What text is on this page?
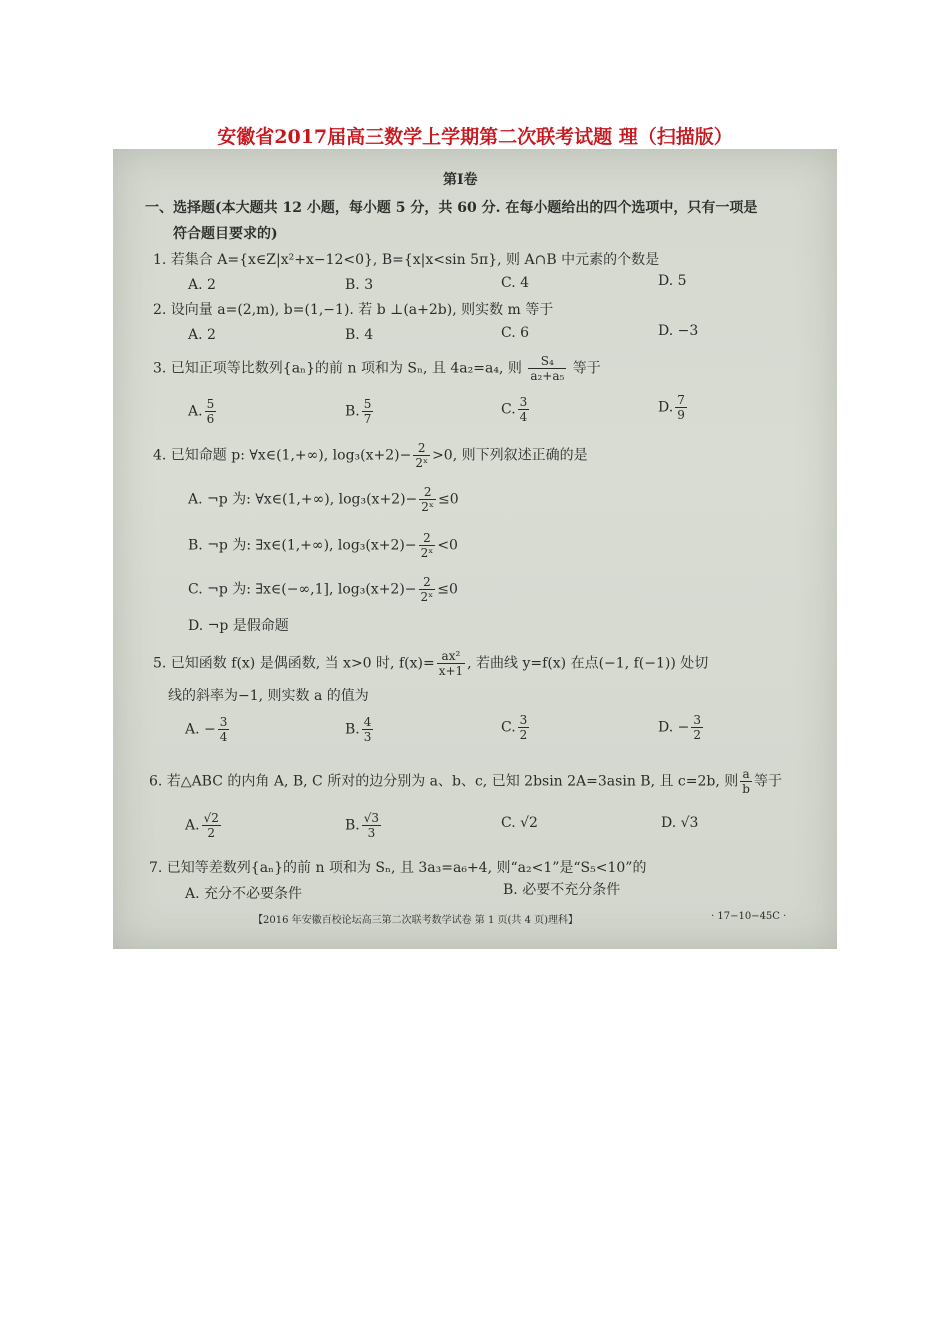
安徽省2017届高三数学上学期第二次联考试题 理（扫描版）
第Ⅰ卷
一、选择题(本大题共 12 小题，每小题 5 分，共 60 分. 在每小题给出的四个选项中，只有一项是
符合题目要求的)
1. 若集合 A={x∈Z|x²+x−12<0}, B={x|x<sin 5π}, 则 A∩B 中元素的个数是
A. 2	B. 3	C. 4	D. 5
2. 设向量 a=(2,m), b=(1,−1). 若 b ⊥(a+2b), 则实数 m 等于
A. 2	B. 4	C. 6	D. −3
3. 已知正项等比数列{aₙ}的前 n 项和为 Sₙ, 且 4a₂=a₄, 则 $\frac{\text{S₄}}{\text{a₂+a₅}}$ 等于
A. $\frac{5}{6}$	B. $\frac{5}{7}$	C. $\frac{3}{4}$	D. $\frac{7}{9}$
4. 已知命题 p: ∀x∈(1,+∞), $\log_3(x+2)- \frac{2}{\text{2ˣ}} >0$, 则下列叙述正确的是
A. ¬p 为: ∀x∈(1,+∞), $\log_3(x+2)- \frac{2}{\text{2ˣ}} \le 0$
B. ¬p 为: ∃x∈(1,+∞), $\log_3(x+2)- \frac{2}{\text{2ˣ}} <0$
C. ¬p 为: ∃x∈(−∞,1], $\log_3(x+2)- \frac{2}{\text{2ˣ}} \le 0$
D. ¬p 是假命题
5. 已知函数 f(x) 是偶函数, 当 x>0 时, $f(x)= \frac{\text{ax²}}{x+1}$ , 若曲线 y=f(x) 在点(−1, f(−1)) 处切
线的斜率为−1, 则实数 a 的值为
A. − $\frac{3}{4}$	B. $\frac{4}{3}$	C. $\frac{3}{2}$	D. − $\frac{3}{2}$
6. 若△ABC 的内角 A, B, C 所对的边分别为 a、b、c, 已知 2bsin 2A=3asin B, 且 c=2b, 则 $\frac{a}{b}$ 等于
A. $\frac{√2}{2}$	B. $\frac{√3}{3}$	C. √2	D. √3
7. 已知等差数列{aₙ}的前 n 项和为 Sₙ, 且 3a₃=a₆+4, 则“a₂<1”是“S₅<10”的
A. 充分不必要条件	B. 必要不充分条件
【2016 年安徽百校论坛高三第二次联考数学试卷 第 1 页(共 4 页)理科】	· 17−10−45C ·
